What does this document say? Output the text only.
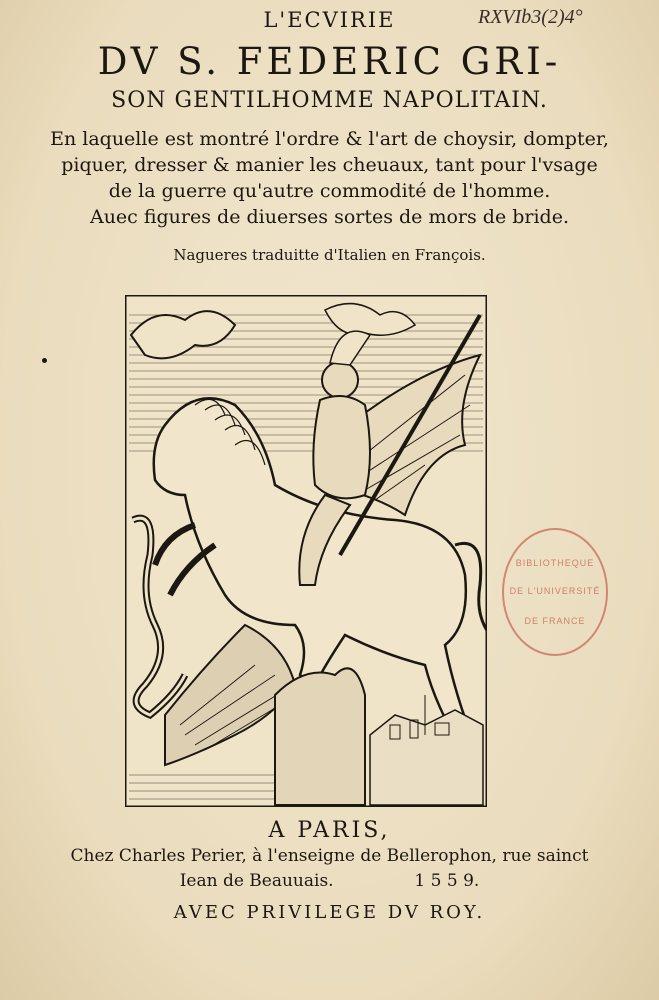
RXVIb3(2)4°
L'ECVIRIE
DV S. FEDERIC GRI-
SON GENTILHOMME NAPOLITAIN.
En laquelle est montré l'ordre & l'art de choysir, dompter,
piquer, dresser & manier les cheuaux, tant pour l'vsage
de la guerre qu'autre commodité de l'homme.
Auec figures de diuerses sortes de mors de bride.
Nagueres traduitte d'Italien en François.
BIBLIOTHEQUE
DE L'UNIVERSITÉ
DE FRANCE
A PARIS,
Chez Charles Perier, à l'enseigne de Bellerophon, rue sainct
Iean de Beauuais.	1 5 5 9.
AVEC PRIVILEGE DV ROY.
